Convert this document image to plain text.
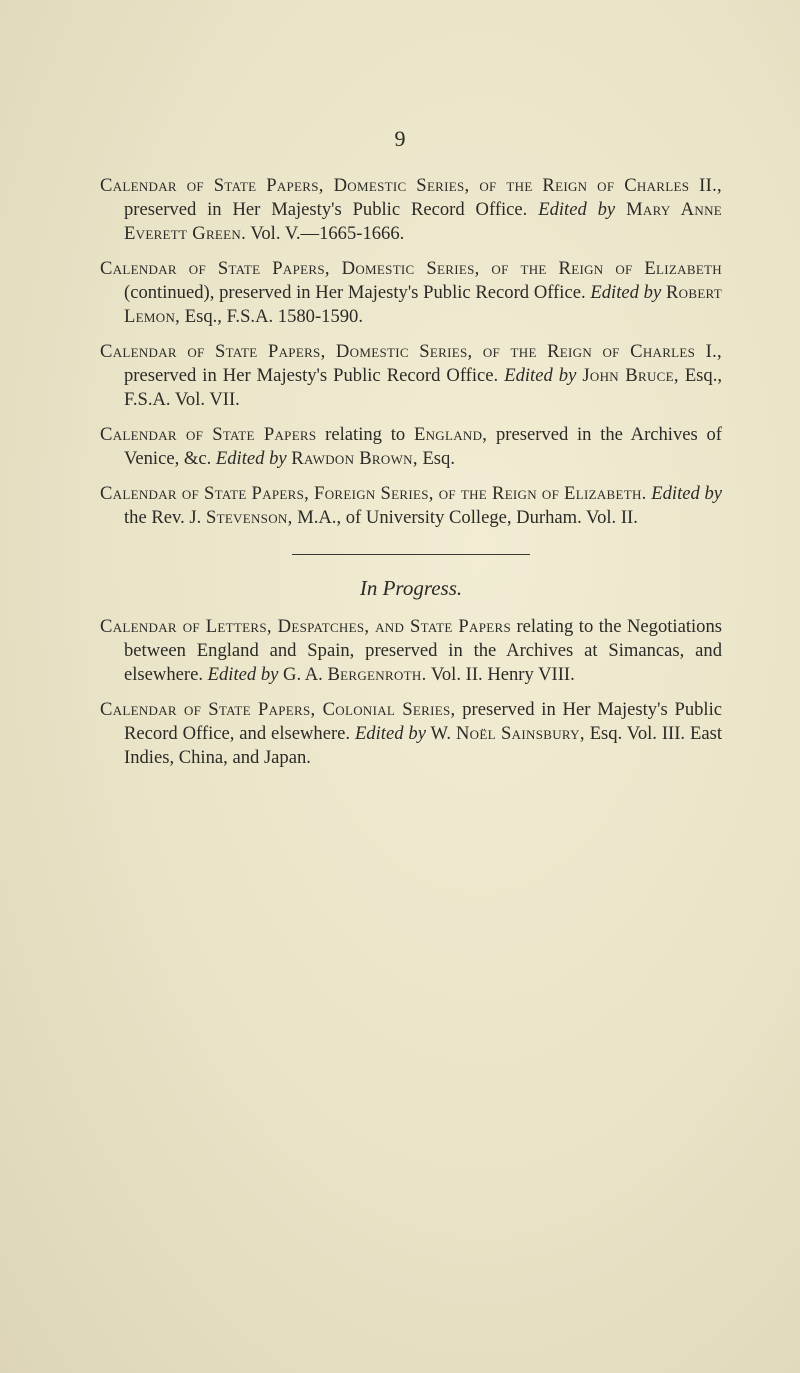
9

Calendar of State Papers, Domestic Series, of the Reign of Charles II., preserved in Her Majesty's Public Record Office. Edited by Mary Anne Everett Green. Vol. V.—1665-1666.

Calendar of State Papers, Domestic Series, of the Reign of Elizabeth (continued), preserved in Her Majesty's Public Record Office. Edited by Robert Lemon, Esq., F.S.A. 1580-1590.

Calendar of State Papers, Domestic Series, of the Reign of Charles I., preserved in Her Majesty's Public Record Office. Edited by John Bruce, Esq., F.S.A. Vol. VII.

Calendar of State Papers relating to England, preserved in the Archives of Venice, &c. Edited by Rawdon Brown, Esq.

Calendar of State Papers, Foreign Series, of the Reign of Elizabeth. Edited by the Rev. J. Stevenson, M.A., of University College, Durham. Vol. II.

In Progress.

Calendar of Letters, Despatches, and State Papers relating to the Negotiations between England and Spain, preserved in the Archives at Simancas, and elsewhere. Edited by G. A. Bergenroth. Vol. II. Henry VIII.

Calendar of State Papers, Colonial Series, preserved in Her Majesty's Public Record Office, and elsewhere. Edited by W. Noël Sainsbury, Esq. Vol. III. East Indies, China, and Japan.
